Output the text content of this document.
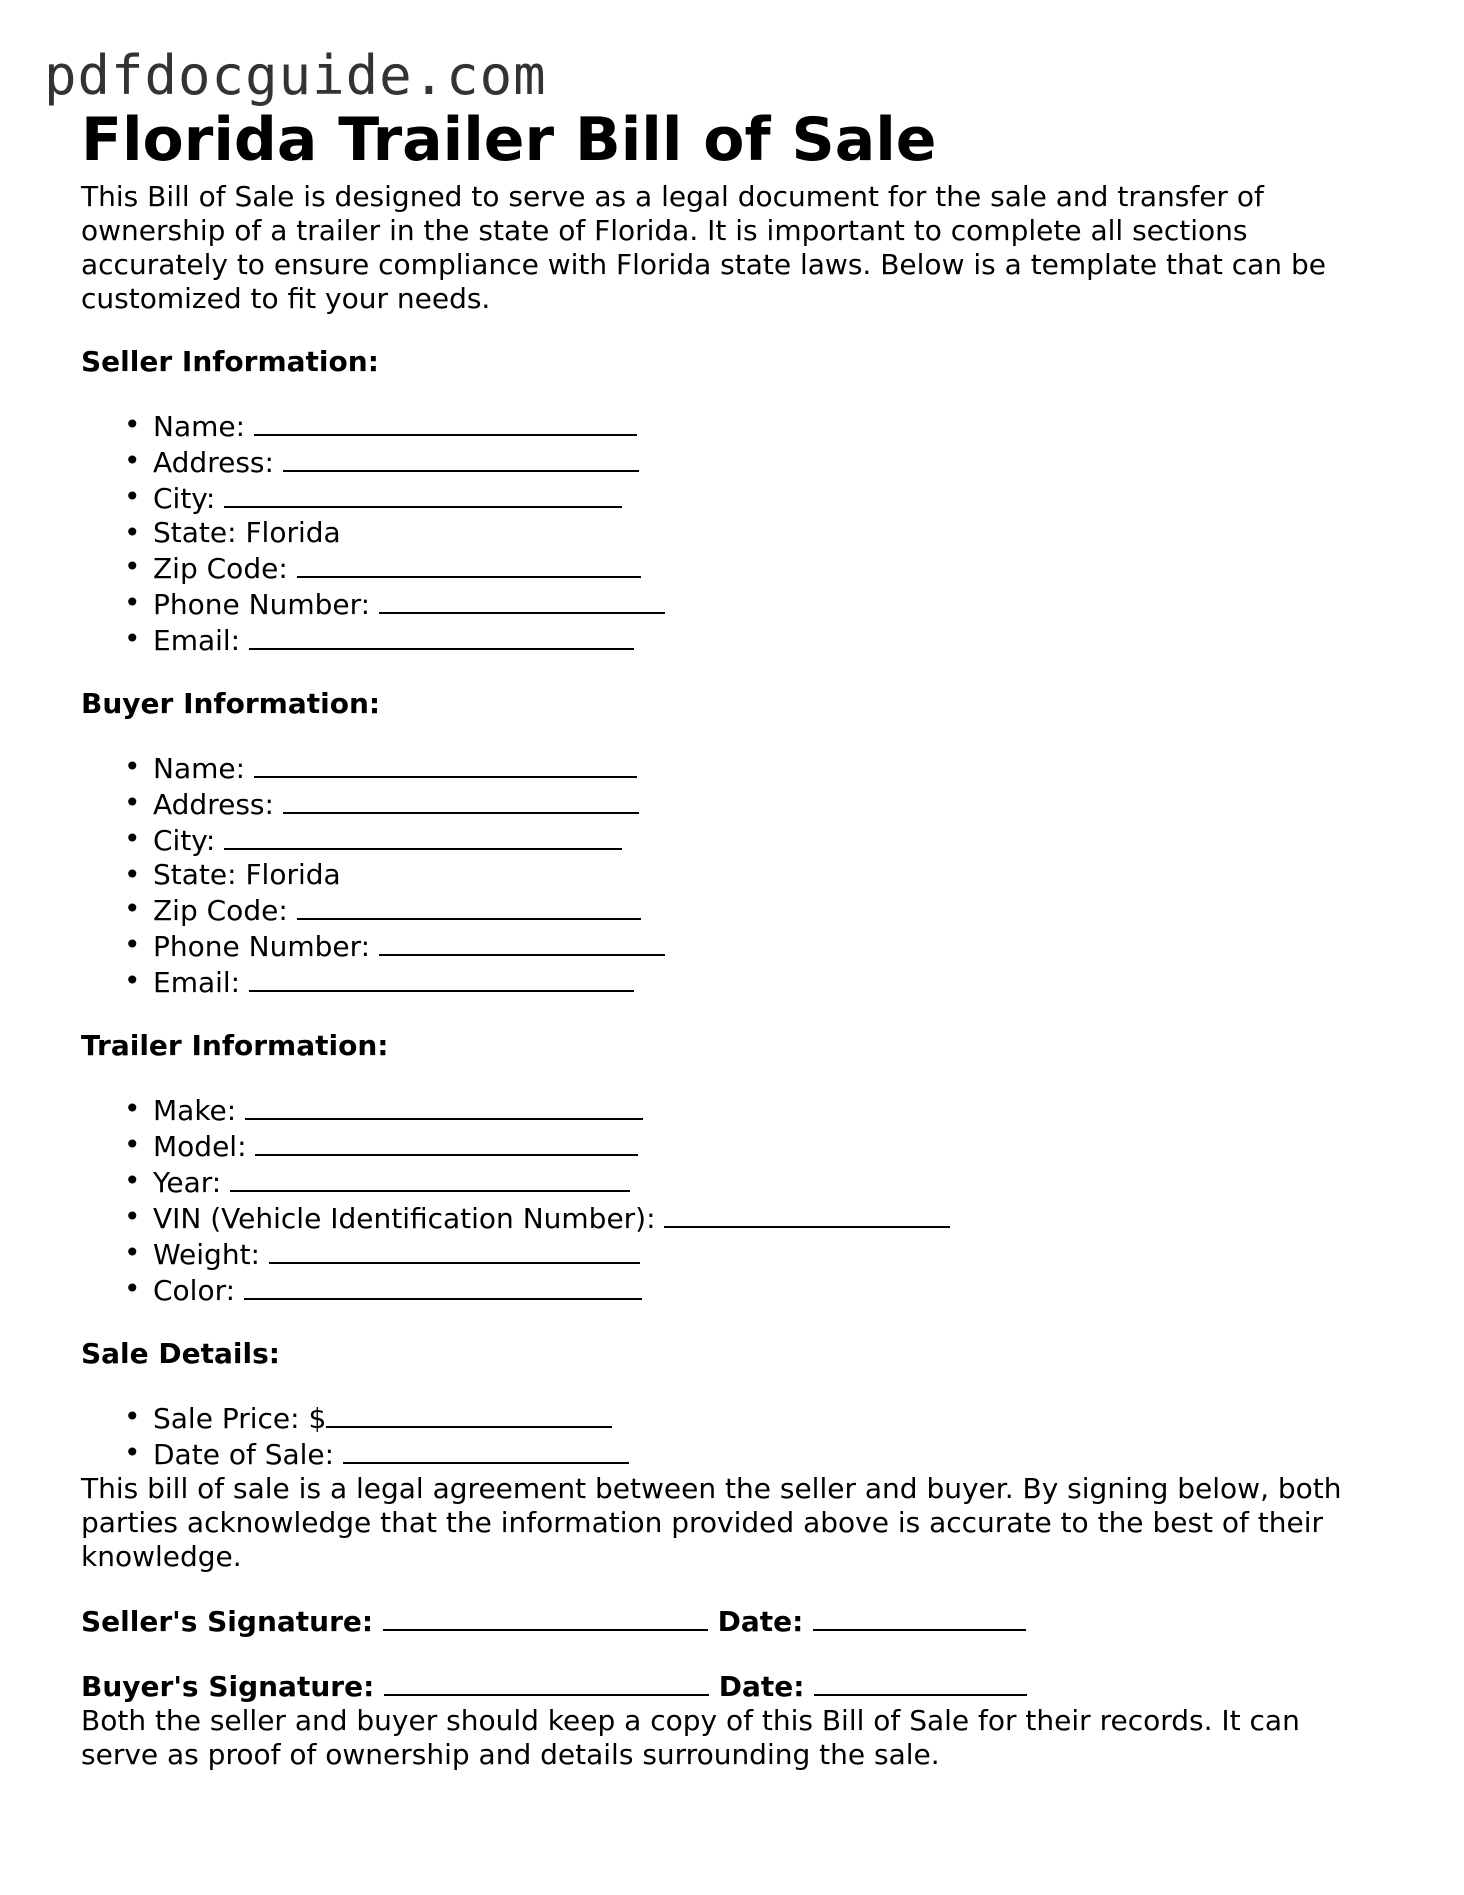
pdfdocguide.com
Florida Trailer Bill of Sale

This Bill of Sale is designed to serve as a legal document for the sale and transfer of ownership of a trailer in the state of Florida. It is important to complete all sections accurately to ensure compliance with Florida state laws. Below is a template that can be customized to fit your needs.

Seller Information:
• Name:
• Address:
• City:
• State: Florida
• Zip Code:
• Phone Number:
• Email:
Buyer Information:
• Name:
• Address:
• City:
• State: Florida
• Zip Code:
• Phone Number:
• Email:
Trailer Information:
• Make:
• Model:
• Year:
• VIN (Vehicle Identification Number):
• Weight:
• Color:
Sale Details:
• Sale Price: $
• Date of Sale:

This bill of sale is a legal agreement between the seller and buyer. By signing below, both parties acknowledge that the information provided above is accurate to the best of their knowledge.

Seller's Signature:	Date:
Buyer's Signature:	Date:

Both the seller and buyer should keep a copy of this Bill of Sale for their records. It can serve as proof of ownership and details surrounding the sale.
